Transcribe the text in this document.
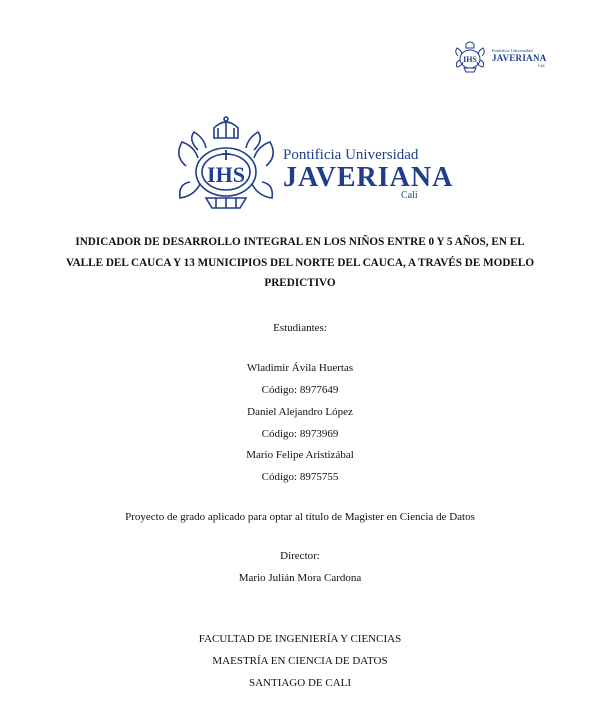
IHS
Pontificia Universidad
JAVERIANA
Cali
IHS
Pontificia Universidad
JAVERIANA
Cali
INDICADOR DE DESARROLLO INTEGRAL EN LOS NIÑOS ENTRE 0 Y 5 AÑOS, EN EL
VALLE DEL CAUCA Y 13 MUNICIPIOS DEL NORTE DEL CAUCA, A TRAVÉS DE MODELO
PREDICTIVO
Estudiantes:
Wladimir Ávila Huertas
Código: 8977649
Daniel Alejandro López
Código: 8973969
Mario Felipe Aristizábal
Código: 8975755
Proyecto de grado aplicado para optar al título de Magister en Ciencia de Datos
Director:
Mario Julián Mora Cardona
FACULTAD DE INGENIERÍA Y CIENCIAS
MAESTRÍA EN CIENCIA DE DATOS
SANTIAGO DE CALI
